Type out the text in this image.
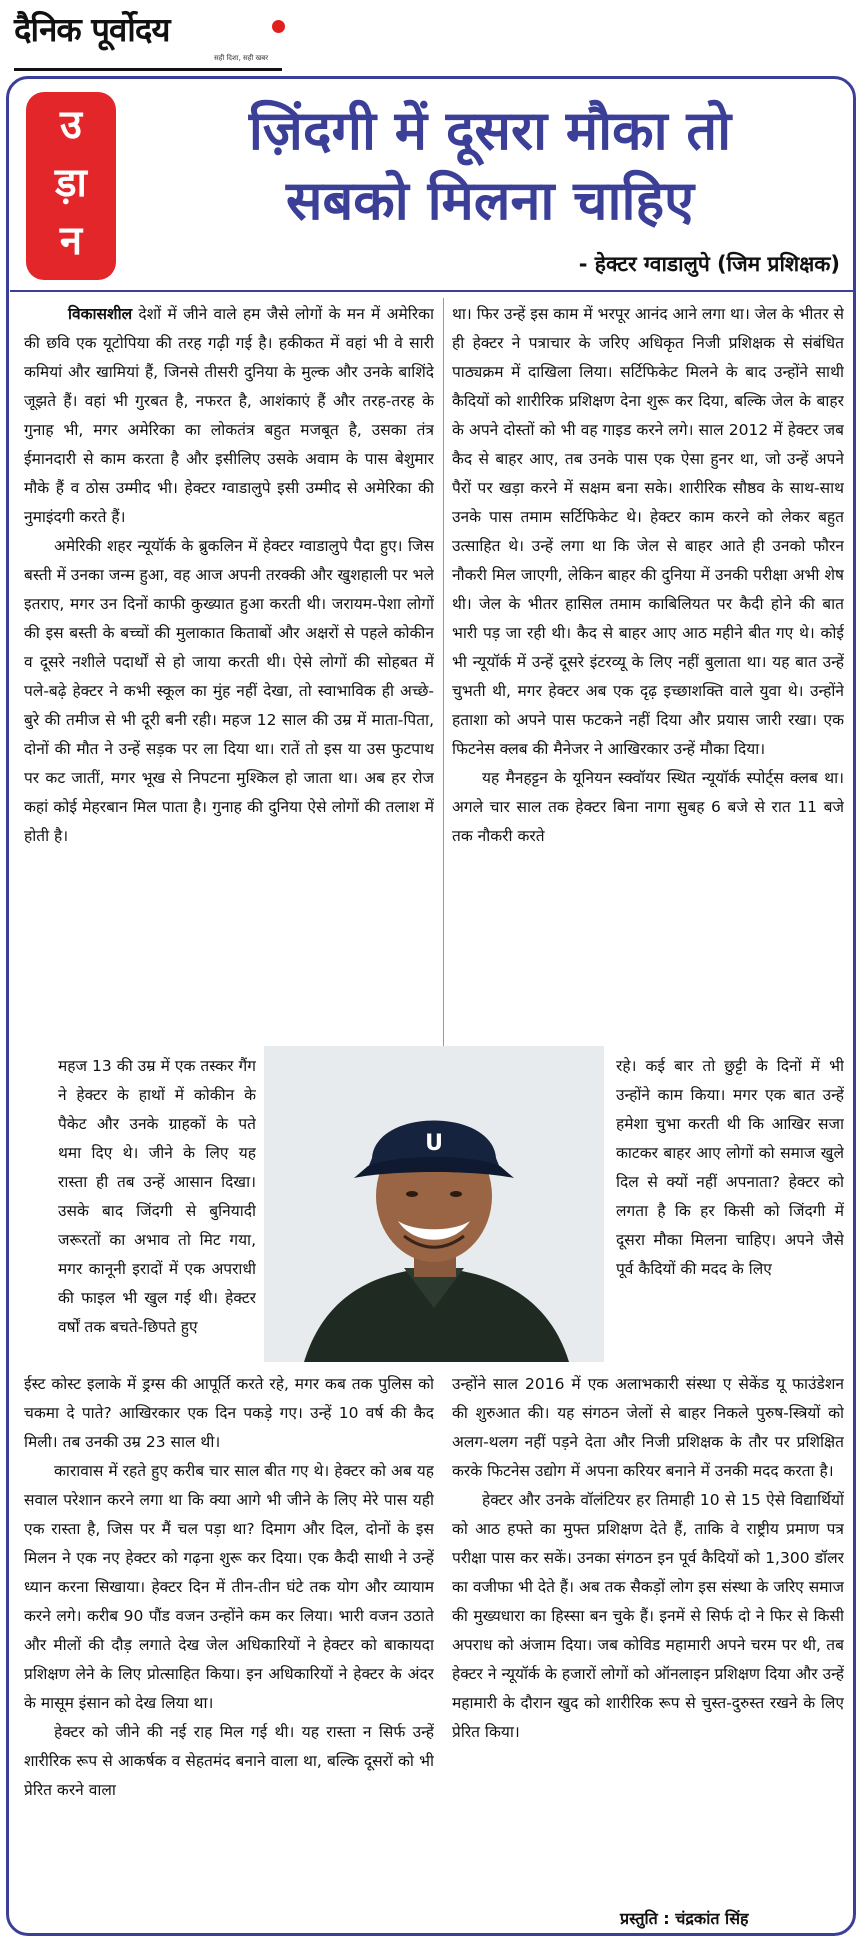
दैनिक पूर्वोदय
सही दिशा, सही खबर
उ
ड़ा
न
ज़िंदगी में दूसरा मौका तो
सबको मिलना चाहिए
- हेक्टर ग्वाडालुपे (जिम प्रशिक्षक)

विकासशील देशों में जीने वाले हम जैसे लोगों के मन में अमेरिका की छवि एक यूटोपिया की तरह गढ़ी गई है। हकीकत में वहां भी वे सारी कमियां और खामियां हैं, जिनसे तीसरी दुनिया के मुल्क और उनके बाशिंदे जूझते हैं। वहां भी गुरबत है, नफरत है, आशंकाएं हैं और तरह-तरह के गुनाह भी, मगर अमेरिका का लोकतंत्र बहुत मजबूत है, उसका तंत्र ईमानदारी से काम करता है और इसीलिए उसके अवाम के पास बेशुमार मौके हैं व ठोस उम्मीद भी। हेक्टर ग्वाडालुपे इसी उम्मीद से अमेरिका की नुमाइंदगी करते हैं।

अमेरिकी शहर न्यूयॉर्क के ब्रुकलिन में हेक्टर ग्वाडालुपे पैदा हुए। जिस बस्ती में उनका जन्म हुआ, वह आज अपनी तरक्की और खुशहाली पर भले इतराए, मगर उन दिनों काफी कुख्यात हुआ करती थी। जरायम-पेशा लोगों की इस बस्ती के बच्चों की मुलाकात किताबों और अक्षरों से पहले कोकीन व दूसरे नशीले पदार्थों से हो जाया करती थी। ऐसे लोगों की सोहबत में पले-बढ़े हेक्टर ने कभी स्कूल का मुंह नहीं देखा, तो स्वाभाविक ही अच्छे-बुरे की तमीज से भी दूरी बनी रही। महज 12 साल की उम्र में माता-पिता, दोनों की मौत ने उन्हें सड़क पर ला दिया था। रातें तो इस या उस फुटपाथ पर कट जातीं, मगर भूख से निपटना मुश्किल हो जाता था। अब हर रोज कहां कोई मेहरबान मिल पाता है। गुनाह की दुनिया ऐसे लोगों की तलाश में होती है।

था। फिर उन्हें इस काम में भरपूर आनंद आने लगा था। जेल के भीतर से ही हेक्टर ने पत्राचार के जरिए अधिकृत निजी प्रशिक्षक से संबंधित पाठ्यक्रम में दाखिला लिया। सर्टिफिकेट मिलने के बाद उन्होंने साथी कैदियों को शारीरिक प्रशिक्षण देना शुरू कर दिया, बल्कि जेल के बाहर के अपने दोस्तों को भी वह गाइड करने लगे। साल 2012 में हेक्टर जब कैद से बाहर आए, तब उनके पास एक ऐसा हुनर था, जो उन्हें अपने पैरों पर खड़ा करने में सक्षम बना सके। शारीरिक सौष्ठव के साथ-साथ उनके पास तमाम सर्टिफिकेट थे। हेक्टर काम करने को लेकर बहुत उत्साहित थे। उन्हें लगा था कि जेल से बाहर आते ही उनको फौरन नौकरी मिल जाएगी, लेकिन बाहर की दुनिया में उनकी परीक्षा अभी शेष थी। जेल के भीतर हासिल तमाम काबिलियत पर कैदी होने की बात भारी पड़ जा रही थी। कैद से बाहर आए आठ महीने बीत गए थे। कोई भी न्यूयॉर्क में उन्हें दूसरे इंटरव्यू के लिए नहीं बुलाता था। यह बात उन्हें चुभती थी, मगर हेक्टर अब एक दृढ़ इच्छाशक्ति वाले युवा थे। उन्होंने हताशा को अपने पास फटकने नहीं दिया और प्रयास जारी रखा। एक फिटनेस क्लब की मैनेजर ने आखिरकार उन्हें मौका दिया।

यह मैनहट्टन के यूनियन स्क्वॉयर स्थित न्यूयॉर्क स्पोर्ट्स क्लब था। अगले चार साल तक हेक्टर बिना नागा सुबह 6 बजे से रात 11 बजे तक नौकरी करते

U

महज 13 की उम्र में एक तस्कर गैंग ने हेक्टर के हाथों में कोकीन के पैकेट और उनके ग्राहकों के पते थमा दिए थे। जीने के लिए यह रास्ता ही तब उन्हें आसान दिखा। उसके बाद जिंदगी से बुनियादी जरूरतों का अभाव तो मिट गया, मगर कानूनी इरादों में एक अपराधी की फाइल भी खुल गई थी। हेक्टर वर्षों तक बचते-छिपते हुए

रहे। कई बार तो छुट्टी के दिनों में भी उन्होंने काम किया। मगर एक बात उन्हें हमेशा चुभा करती थी कि आखिर सजा काटकर बाहर आए लोगों को समाज खुले दिल से क्यों नहीं अपनाता? हेक्टर को लगता है कि हर किसी को जिंदगी में दूसरा मौका मिलना चाहिए। अपने जैसे पूर्व कैदियों की मदद के लिए

ईस्ट कोस्ट इलाके में ड्रग्स की आपूर्ति करते रहे, मगर कब तक पुलिस को चकमा दे पाते? आखिरकार एक दिन पकड़े गए। उन्हें 10 वर्ष की कैद मिली। तब उनकी उम्र 23 साल थी।

कारावास में रहते हुए करीब चार साल बीत गए थे। हेक्टर को अब यह सवाल परेशान करने लगा था कि क्या आगे भी जीने के लिए मेरे पास यही एक रास्ता है, जिस पर मैं चल पड़ा था? दिमाग और दिल, दोनों के इस मिलन ने एक नए हेक्टर को गढ़ना शुरू कर दिया। एक कैदी साथी ने उन्हें ध्यान करना सिखाया। हेक्टर दिन में तीन-तीन घंटे तक योग और व्यायाम करने लगे। करीब 90 पौंड वजन उन्होंने कम कर लिया। भारी वजन उठाते और मीलों की दौड़ लगाते देख जेल अधिकारियों ने हेक्टर को बाकायदा प्रशिक्षण लेने के लिए प्रोत्साहित किया। इन अधिकारियों ने हेक्टर के अंदर के मासूम इंसान को देख लिया था।

हेक्टर को जीने की नई राह मिल गई थी। यह रास्ता न सिर्फ उन्हें शारीरिक रूप से आकर्षक व सेहतमंद बनाने वाला था, बल्कि दूसरों को भी प्रेरित करने वाला

उन्होंने साल 2016 में एक अलाभकारी संस्था ए सेकेंड यू फाउंडेशन की शुरुआत की। यह संगठन जेलों से बाहर निकले पुरुष-स्त्रियों को अलग-थलग नहीं पड़ने देता और निजी प्रशिक्षक के तौर पर प्रशिक्षित करके फिटनेस उद्योग में अपना करियर बनाने में उनकी मदद करता है।

हेक्टर और उनके वॉलंटियर हर तिमाही 10 से 15 ऐसे विद्यार्थियों को आठ हफ्ते का मुफ्त प्रशिक्षण देते हैं, ताकि वे राष्ट्रीय प्रमाण पत्र परीक्षा पास कर सकें। उनका संगठन इन पूर्व कैदियों को 1,300 डॉलर का वजीफा भी देते हैं। अब तक सैकड़ों लोग इस संस्था के जरिए समाज की मुख्यधारा का हिस्सा बन चुके हैं। इनमें से सिर्फ दो ने फिर से किसी अपराध को अंजाम दिया। जब कोविड महामारी अपने चरम पर थी, तब हेक्टर ने न्यूयॉर्क के हजारों लोगों को ऑनलाइन प्रशिक्षण दिया और उन्हें महामारी के दौरान खुद को शारीरिक रूप से चुस्त-दुरुस्त रखने के लिए प्रेरित किया।

प्रस्तुति : चंद्रकांत सिंह
